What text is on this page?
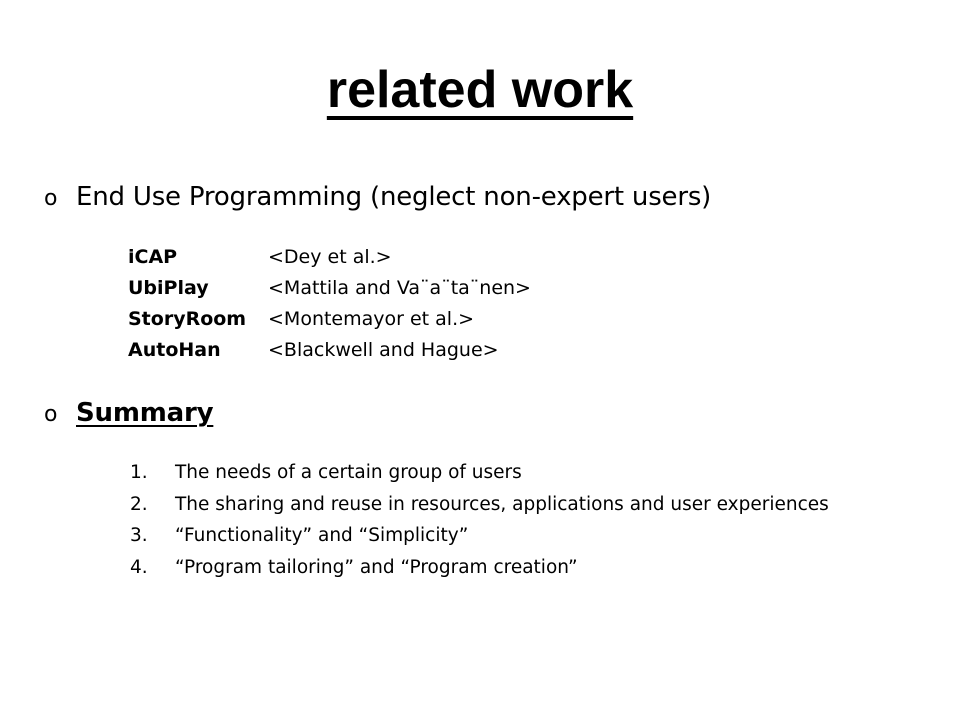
related work
o End Use Programming (neglect non-expert users)
iCAP	<Dey et al.>
UbiPlay	<Mattila and Va¨a¨ta¨nen>
StoryRoom	<Montemayor et al.>
AutoHan	<Blackwell and Hague>
o Summary
1.	The needs of a certain group of users
2.	The sharing and reuse in resources, applications and user experiences
3.	“Functionality” and “Simplicity”
4.	“Program tailoring” and “Program creation”
